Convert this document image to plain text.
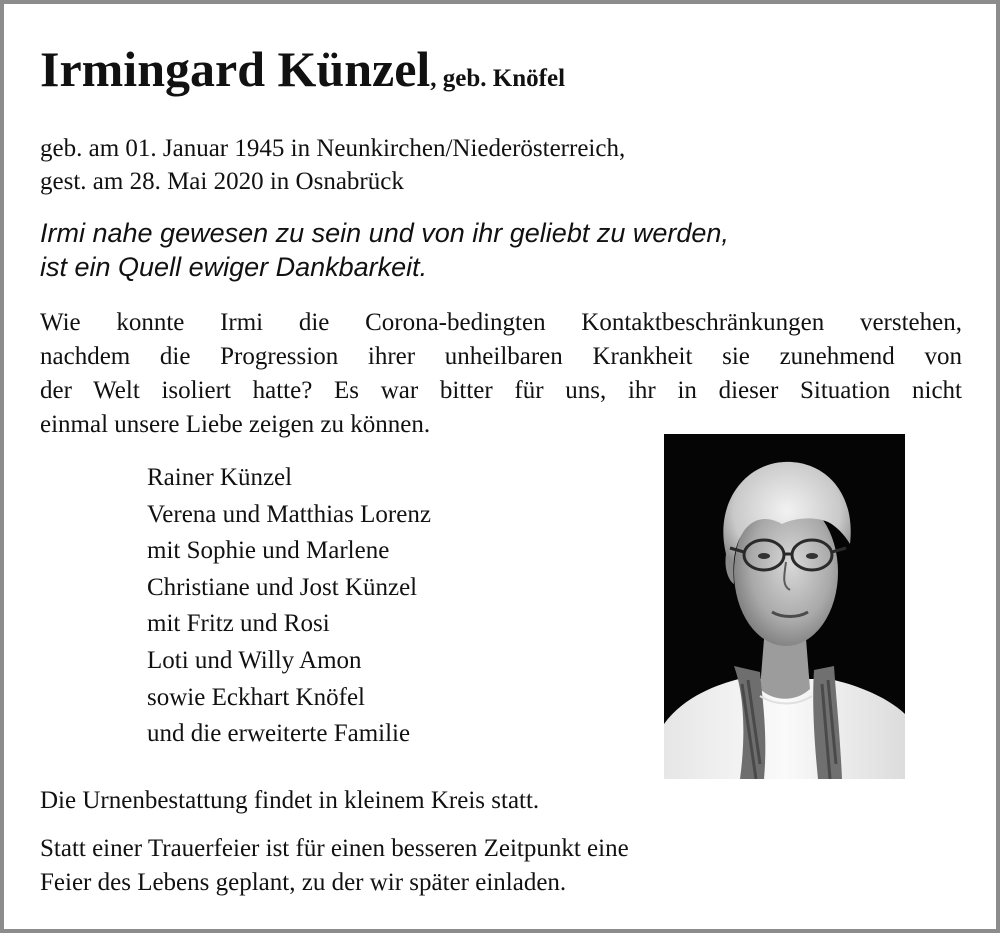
Irmingard Künzel, geb. Knöfel
geb. am 01. Januar 1945 in Neunkirchen/Niederösterreich,
gest. am 28. Mai 2020 in Osnabrück
Irmi nahe gewesen zu sein und von ihr geliebt zu werden,
ist ein Quell ewiger Dankbarkeit.
Wie konnte Irmi die Corona-bedingten Kontaktbeschränkungen verstehen,
nachdem die Progression ihrer unheilbaren Krankheit sie zunehmend von
der Welt isoliert hatte? Es war bitter für uns, ihr in dieser Situation nicht
einmal unsere Liebe zeigen zu können.
Rainer Künzel
Verena und Matthias Lorenz
mit Sophie und Marlene
Christiane und Jost Künzel
mit Fritz und Rosi
Loti und Willy Amon
sowie Eckhart Knöfel
und die erweiterte Familie
Die Urnenbestattung findet in kleinem Kreis statt.
Statt einer Trauerfeier ist für einen besseren Zeitpunkt eine
Feier des Lebens geplant, zu der wir später einladen.
